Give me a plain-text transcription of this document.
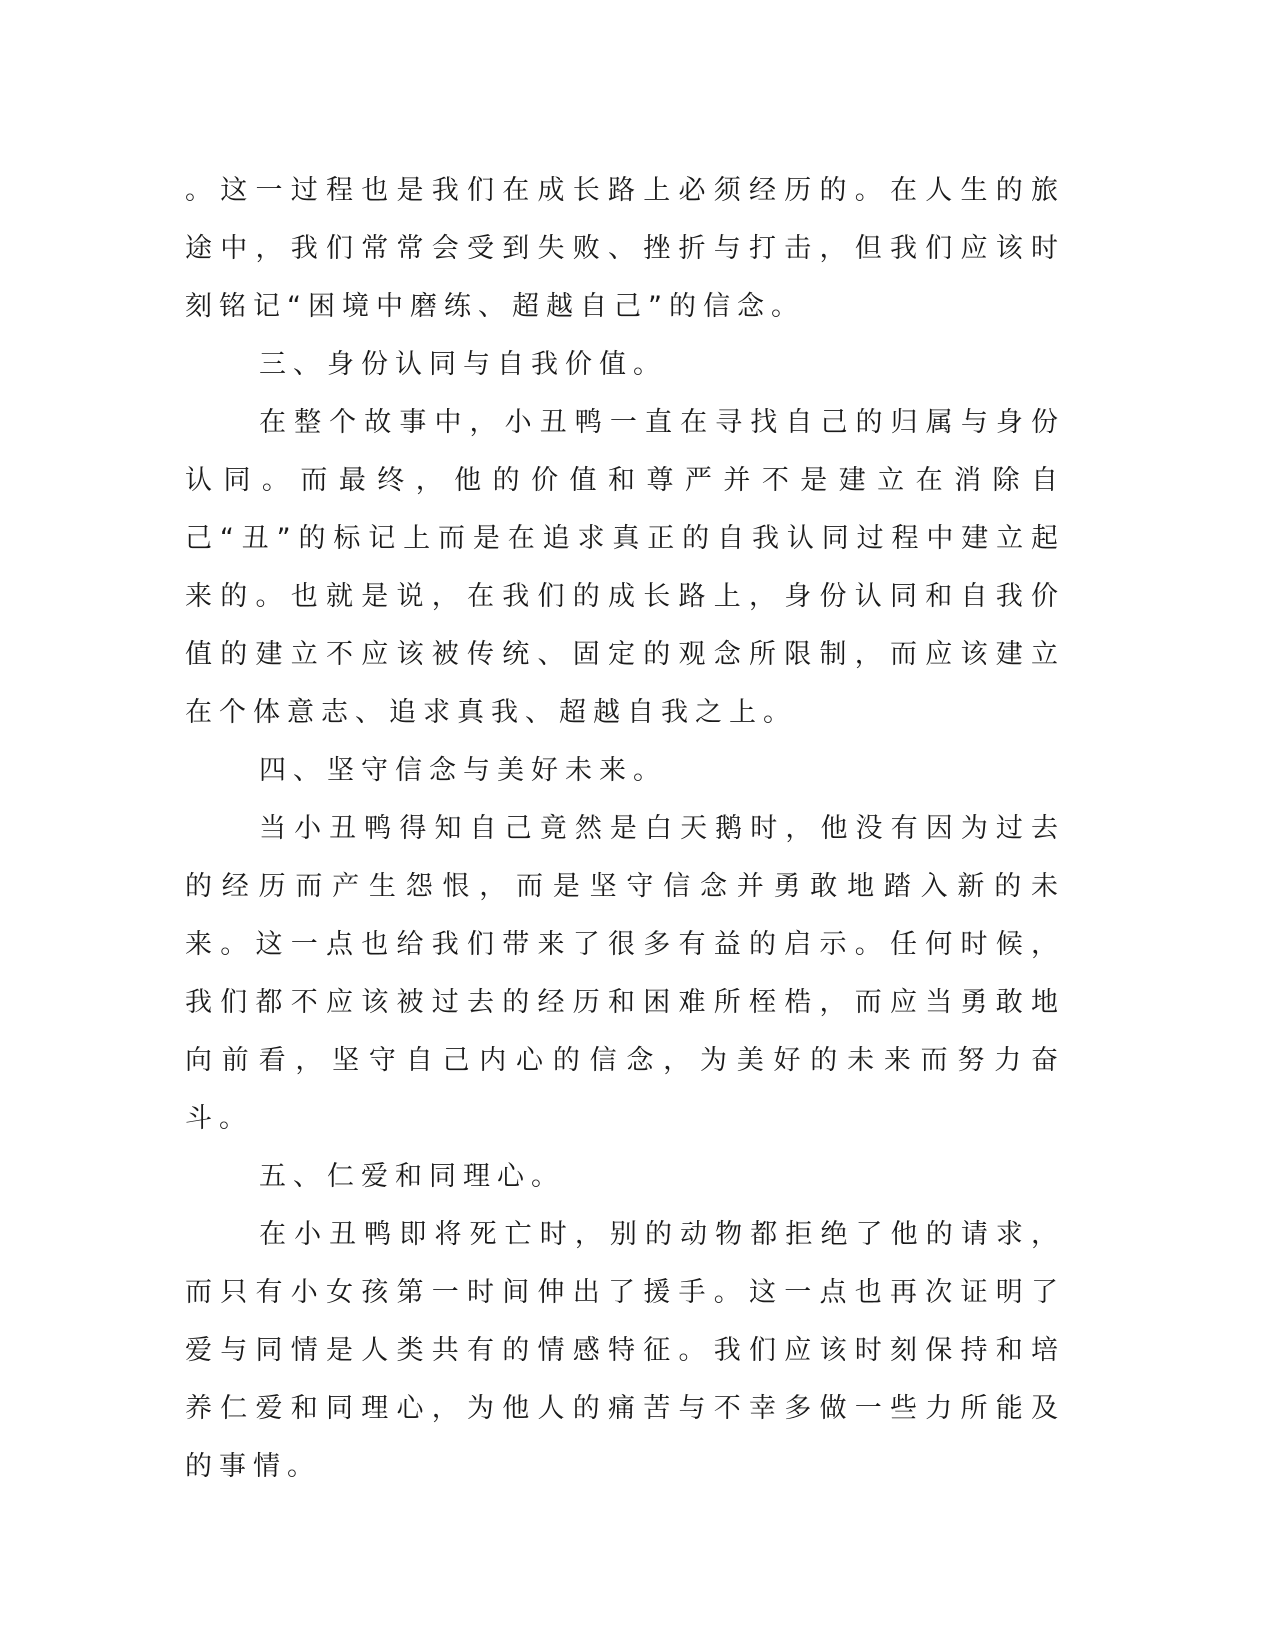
。这一过程也是我们在成长路上必须经历的。在人生的旅途中，我们常常会受到失败、挫折与打击，但我们应该时刻铭记“困境中磨练、超越自己”的信念。

三、身份认同与自我价值。

在整个故事中，小丑鸭一直在寻找自己的归属与身份认同。而最终，他的价值和尊严并不是建立在消除自己“丑”的标记上而是在追求真正的自我认同过程中建立起来的。也就是说，在我们的成长路上，身份认同和自我价值的建立不应该被传统、固定的观念所限制，而应该建立在个体意志、追求真我、超越自我之上。

四、坚守信念与美好未来。

当小丑鸭得知自己竟然是白天鹅时，他没有因为过去的经历而产生怨恨，而是坚守信念并勇敢地踏入新的未来。这一点也给我们带来了很多有益的启示。任何时候，我们都不应该被过去的经历和困难所桎梏，而应当勇敢地向前看，坚守自己内心的信念，为美好的未来而努力奋斗。

五、仁爱和同理心。

在小丑鸭即将死亡时，别的动物都拒绝了他的请求，而只有小女孩第一时间伸出了援手。这一点也再次证明了爱与同情是人类共有的情感特征。我们应该时刻保持和培养仁爱和同理心，为他人的痛苦与不幸多做一些力所能及的事情。
